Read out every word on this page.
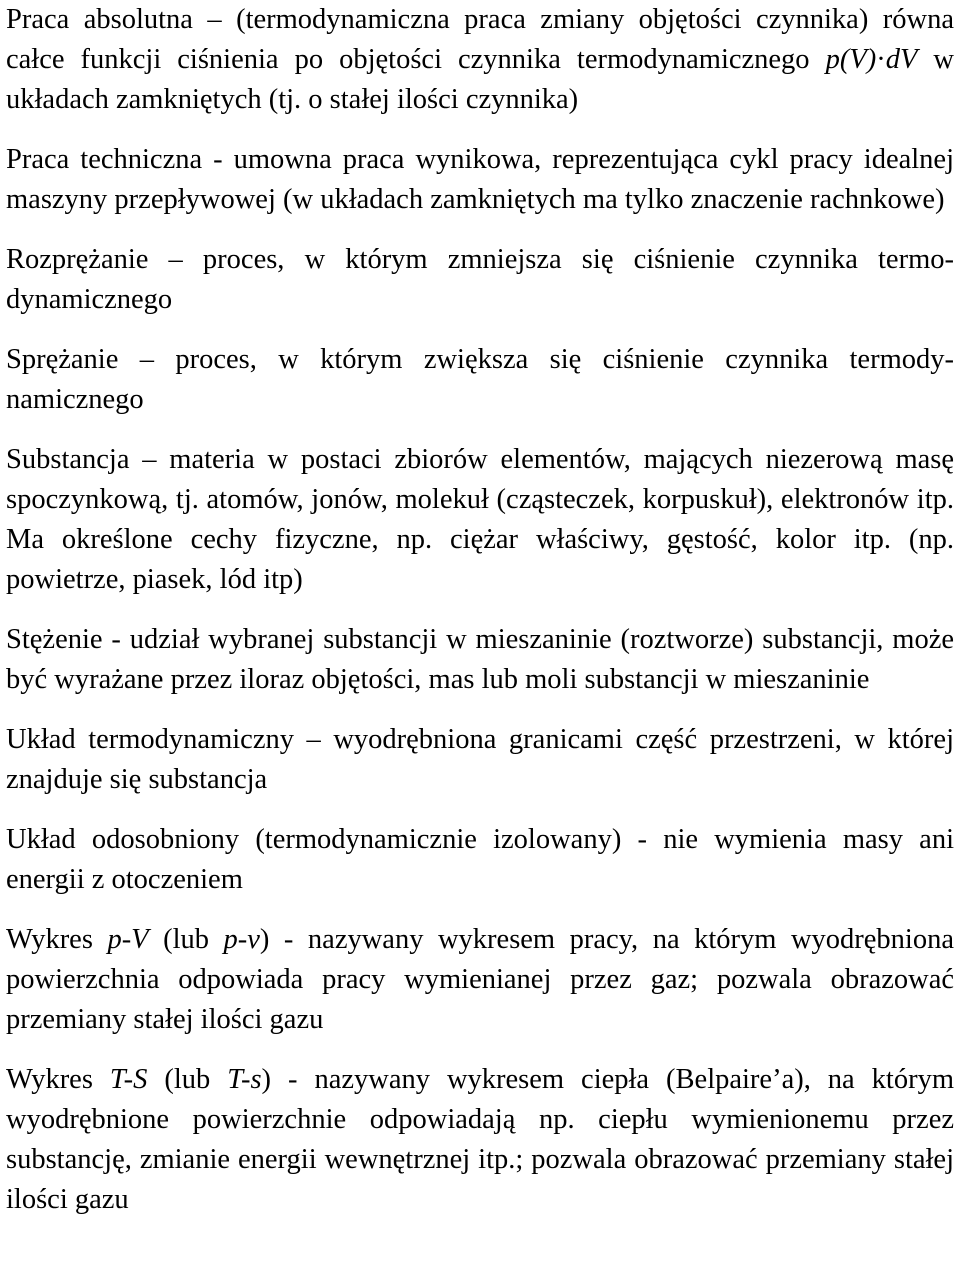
Praca absolutna – (termodynamiczna praca zmiany objętości czynnika) równa całce funkcji ciśnienia po objętości czynnika termodynamicznego p(V)·dV w układach zamkniętych (tj. o stałej ilości czynnika)

Praca techniczna - umowna praca wynikowa, reprezentująca cykl pracy idealnej maszyny przepływowej (w układach zamkniętych ma tylko znaczenie rachnkowe)

Rozprężanie – proces, w którym zmniejsza się ciśnienie czynnika termodynamicznego

Sprężanie – proces, w którym zwiększa się ciśnienie czynnika termodynamicznego

Substancja – materia w postaci zbiorów elementów, mających niezerową masę spoczynkową, tj. atomów, jonów, molekuł (cząsteczek, korpuskuł), elektronów itp. Ma określone cechy fizyczne, np. ciężar właściwy, gęstość, kolor itp. (np. powietrze, piasek, lód itp)

Stężenie - udział wybranej substancji w mieszaninie (roztworze) substancji, może być wyrażane przez iloraz objętości, mas lub moli substancji w mieszaninie

Układ termodynamiczny – wyodrębniona granicami część przestrzeni, w której znajduje się substancja

Układ odosobniony (termodynamicznie izolowany) - nie wymienia masy ani energii z otoczeniem

Wykres p-V (lub p-v) - nazywany wykresem pracy, na którym wyodrębniona powierzchnia odpowiada pracy wymienianej przez gaz; pozwala obrazować przemiany stałej ilości gazu

Wykres T-S (lub T-s) - nazywany wykresem ciepła (Belpaire’a), na którym wyodrębnione powierzchnie odpowiadają np. ciepłu wymienionemu przez substancję, zmianie energii wewnętrznej itp.; pozwala obrazować przemiany stałej ilości gazu
